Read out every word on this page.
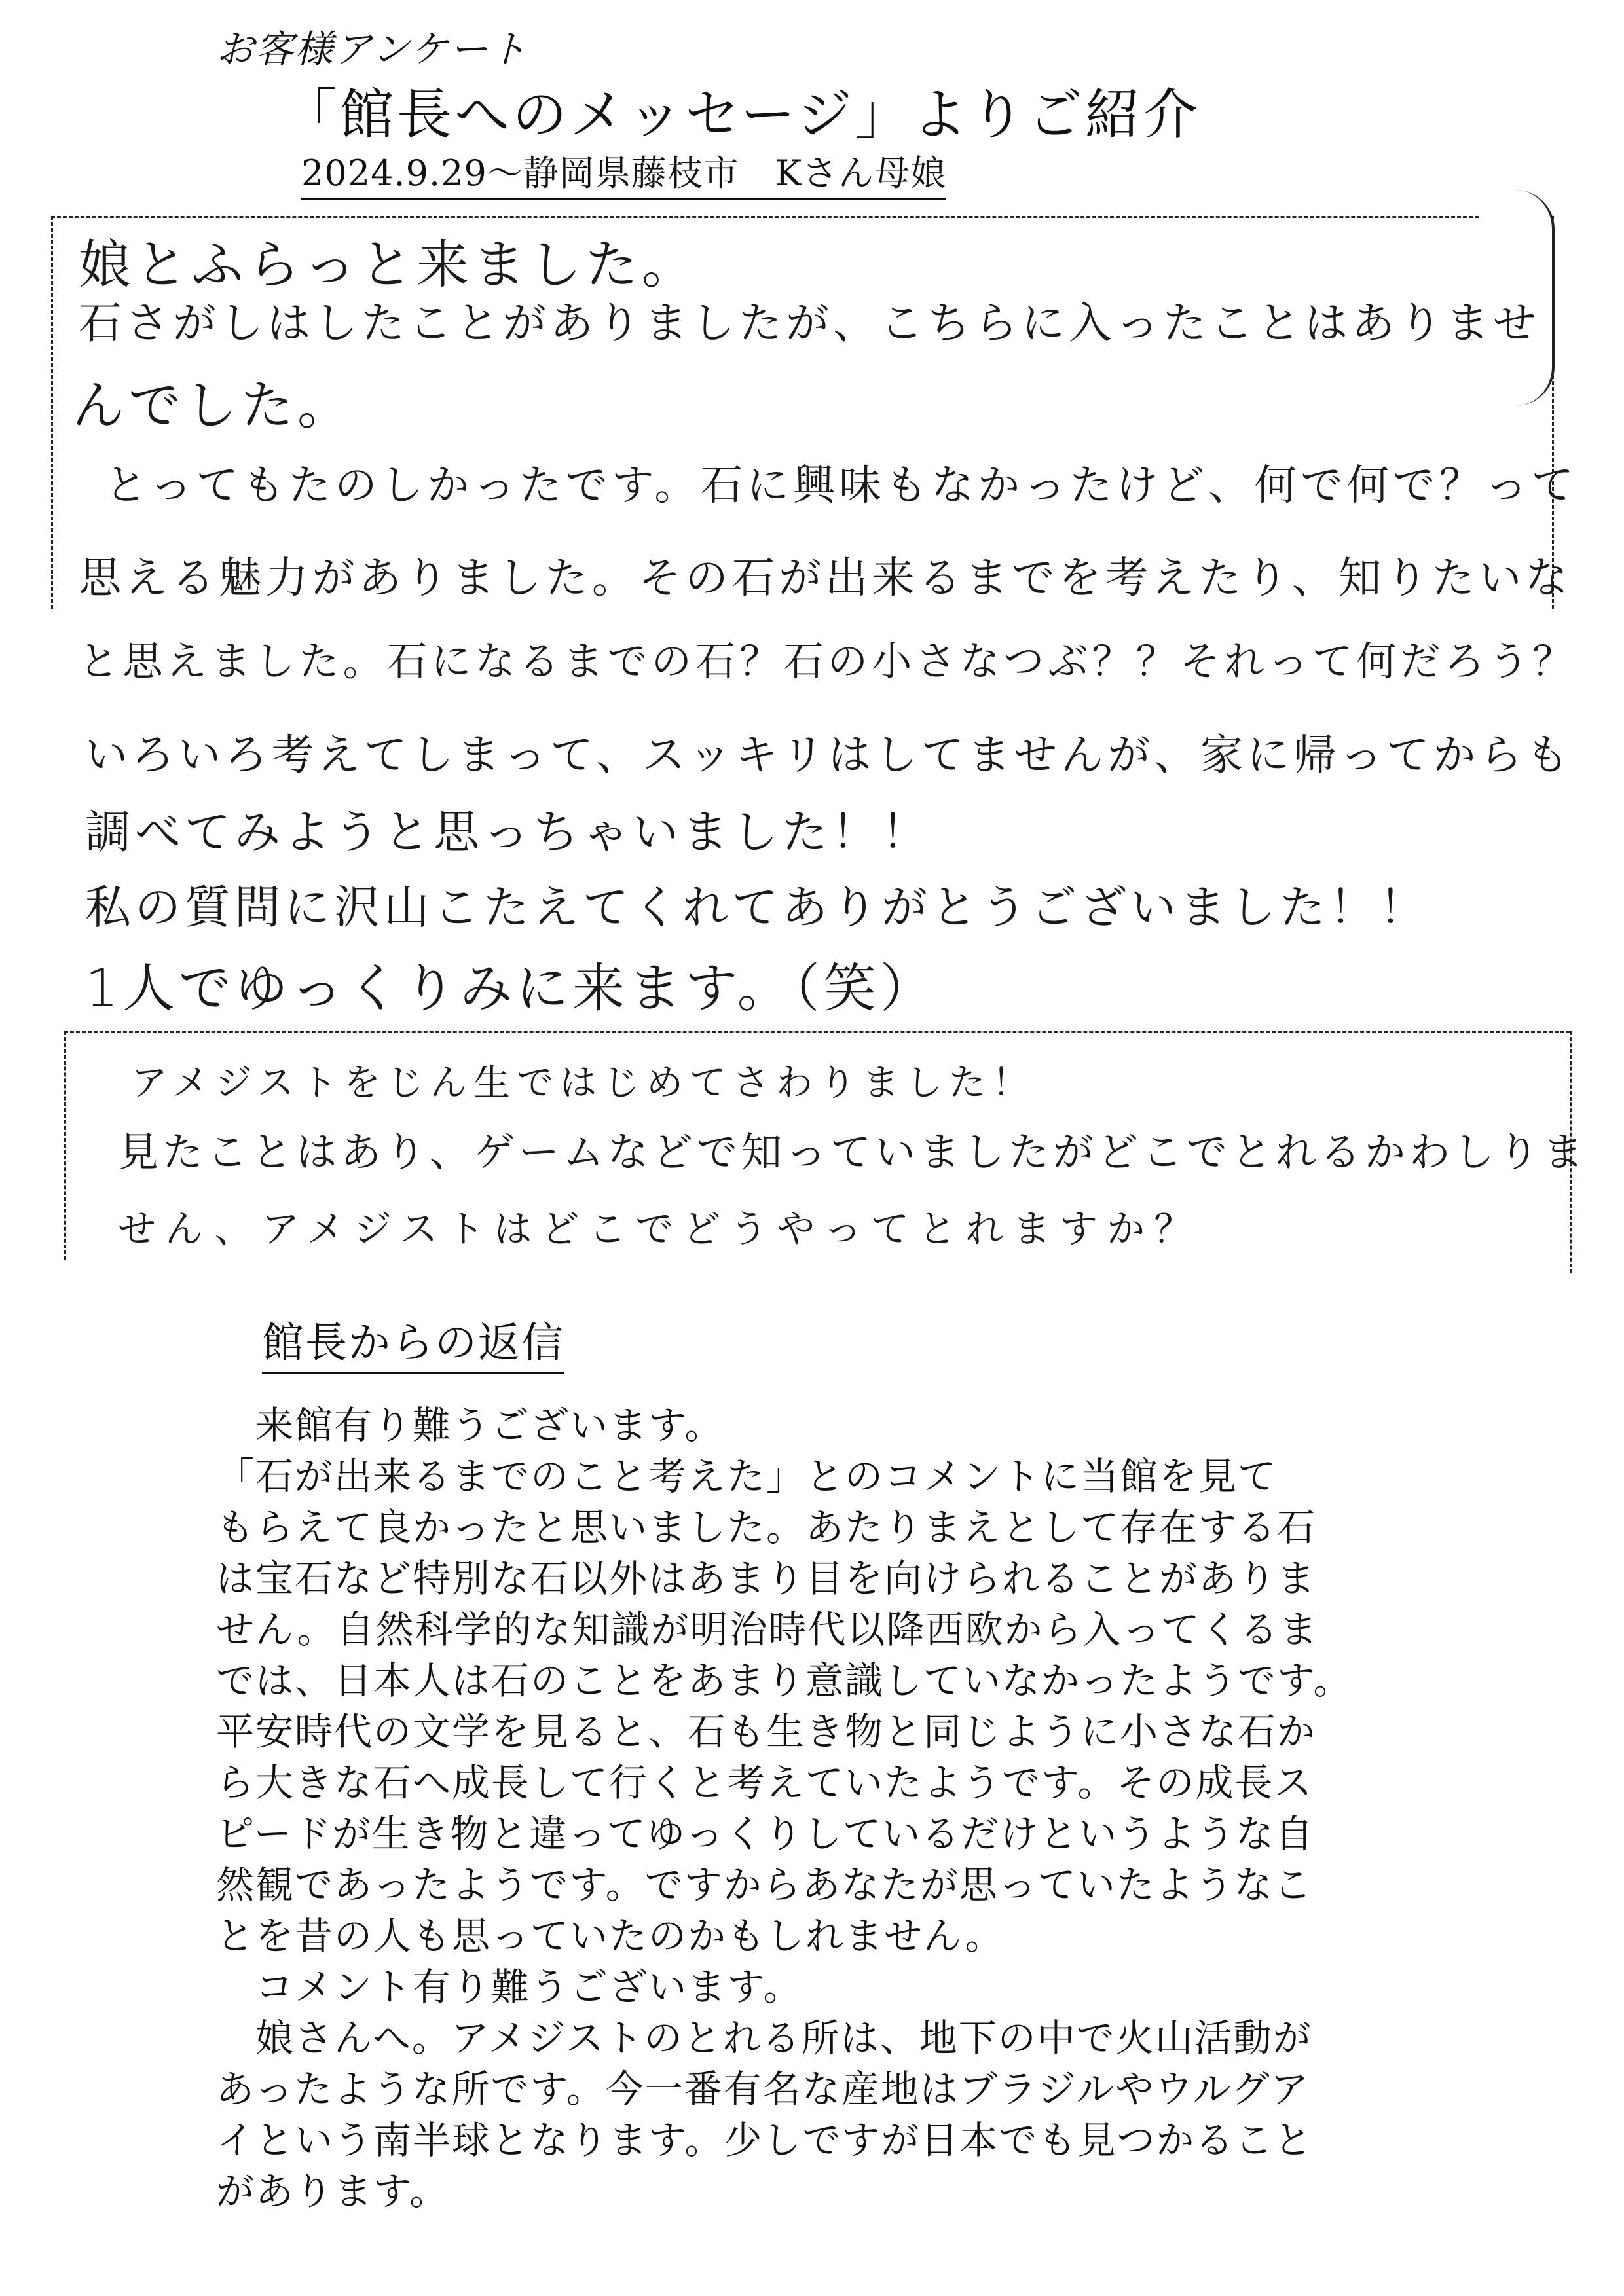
お客様アンケート
「館長へのメッセージ」よりご紹介
2024.9.29～静岡県藤枝市　Kさん母娘
娘とふらっと来ました。
石さがしはしたことがありましたが、こちらに入ったことはありませ
んでした。
とってもたのしかったです。石に興味もなかったけど、何で何で？って
思える魅力がありました。その石が出来るまでを考えたり、知りたいな
と思えました。石になるまでの石？石の小さなつぶ？？それって何だろう？
いろいろ考えてしまって、スッキリはしてませんが、家に帰ってからも
調べてみようと思っちゃいました！！
私の質問に沢山こたえてくれてありがとうございました！！
1人でゆっくりみに来ます。（笑）
アメジストをじん生ではじめてさわりました！
見たことはあり、ゲームなどで知っていましたがどこでとれるかわしりま
せん、アメジストはどこでどうやってとれますか？
館長からの返信
　来館有り難うございます。
「石が出来るまでのこと考えた」とのコメントに当館を見て
もらえて良かったと思いました。あたりまえとして存在する石
は宝石など特別な石以外はあまり目を向けられることがありま
せん。自然科学的な知識が明治時代以降西欧から入ってくるま
では、日本人は石のことをあまり意識していなかったようです。
平安時代の文学を見ると、石も生き物と同じように小さな石か
ら大きな石へ成長して行くと考えていたようです。その成長ス
ピードが生き物と違ってゆっくりしているだけというような自
然観であったようです。ですからあなたが思っていたようなこ
とを昔の人も思っていたのかもしれません。
　コメント有り難うございます。
　娘さんへ。アメジストのとれる所は、地下の中で火山活動が
あったような所です。今一番有名な産地はブラジルやウルグア
イという南半球となります。少しですが日本でも見つかること
があります。
